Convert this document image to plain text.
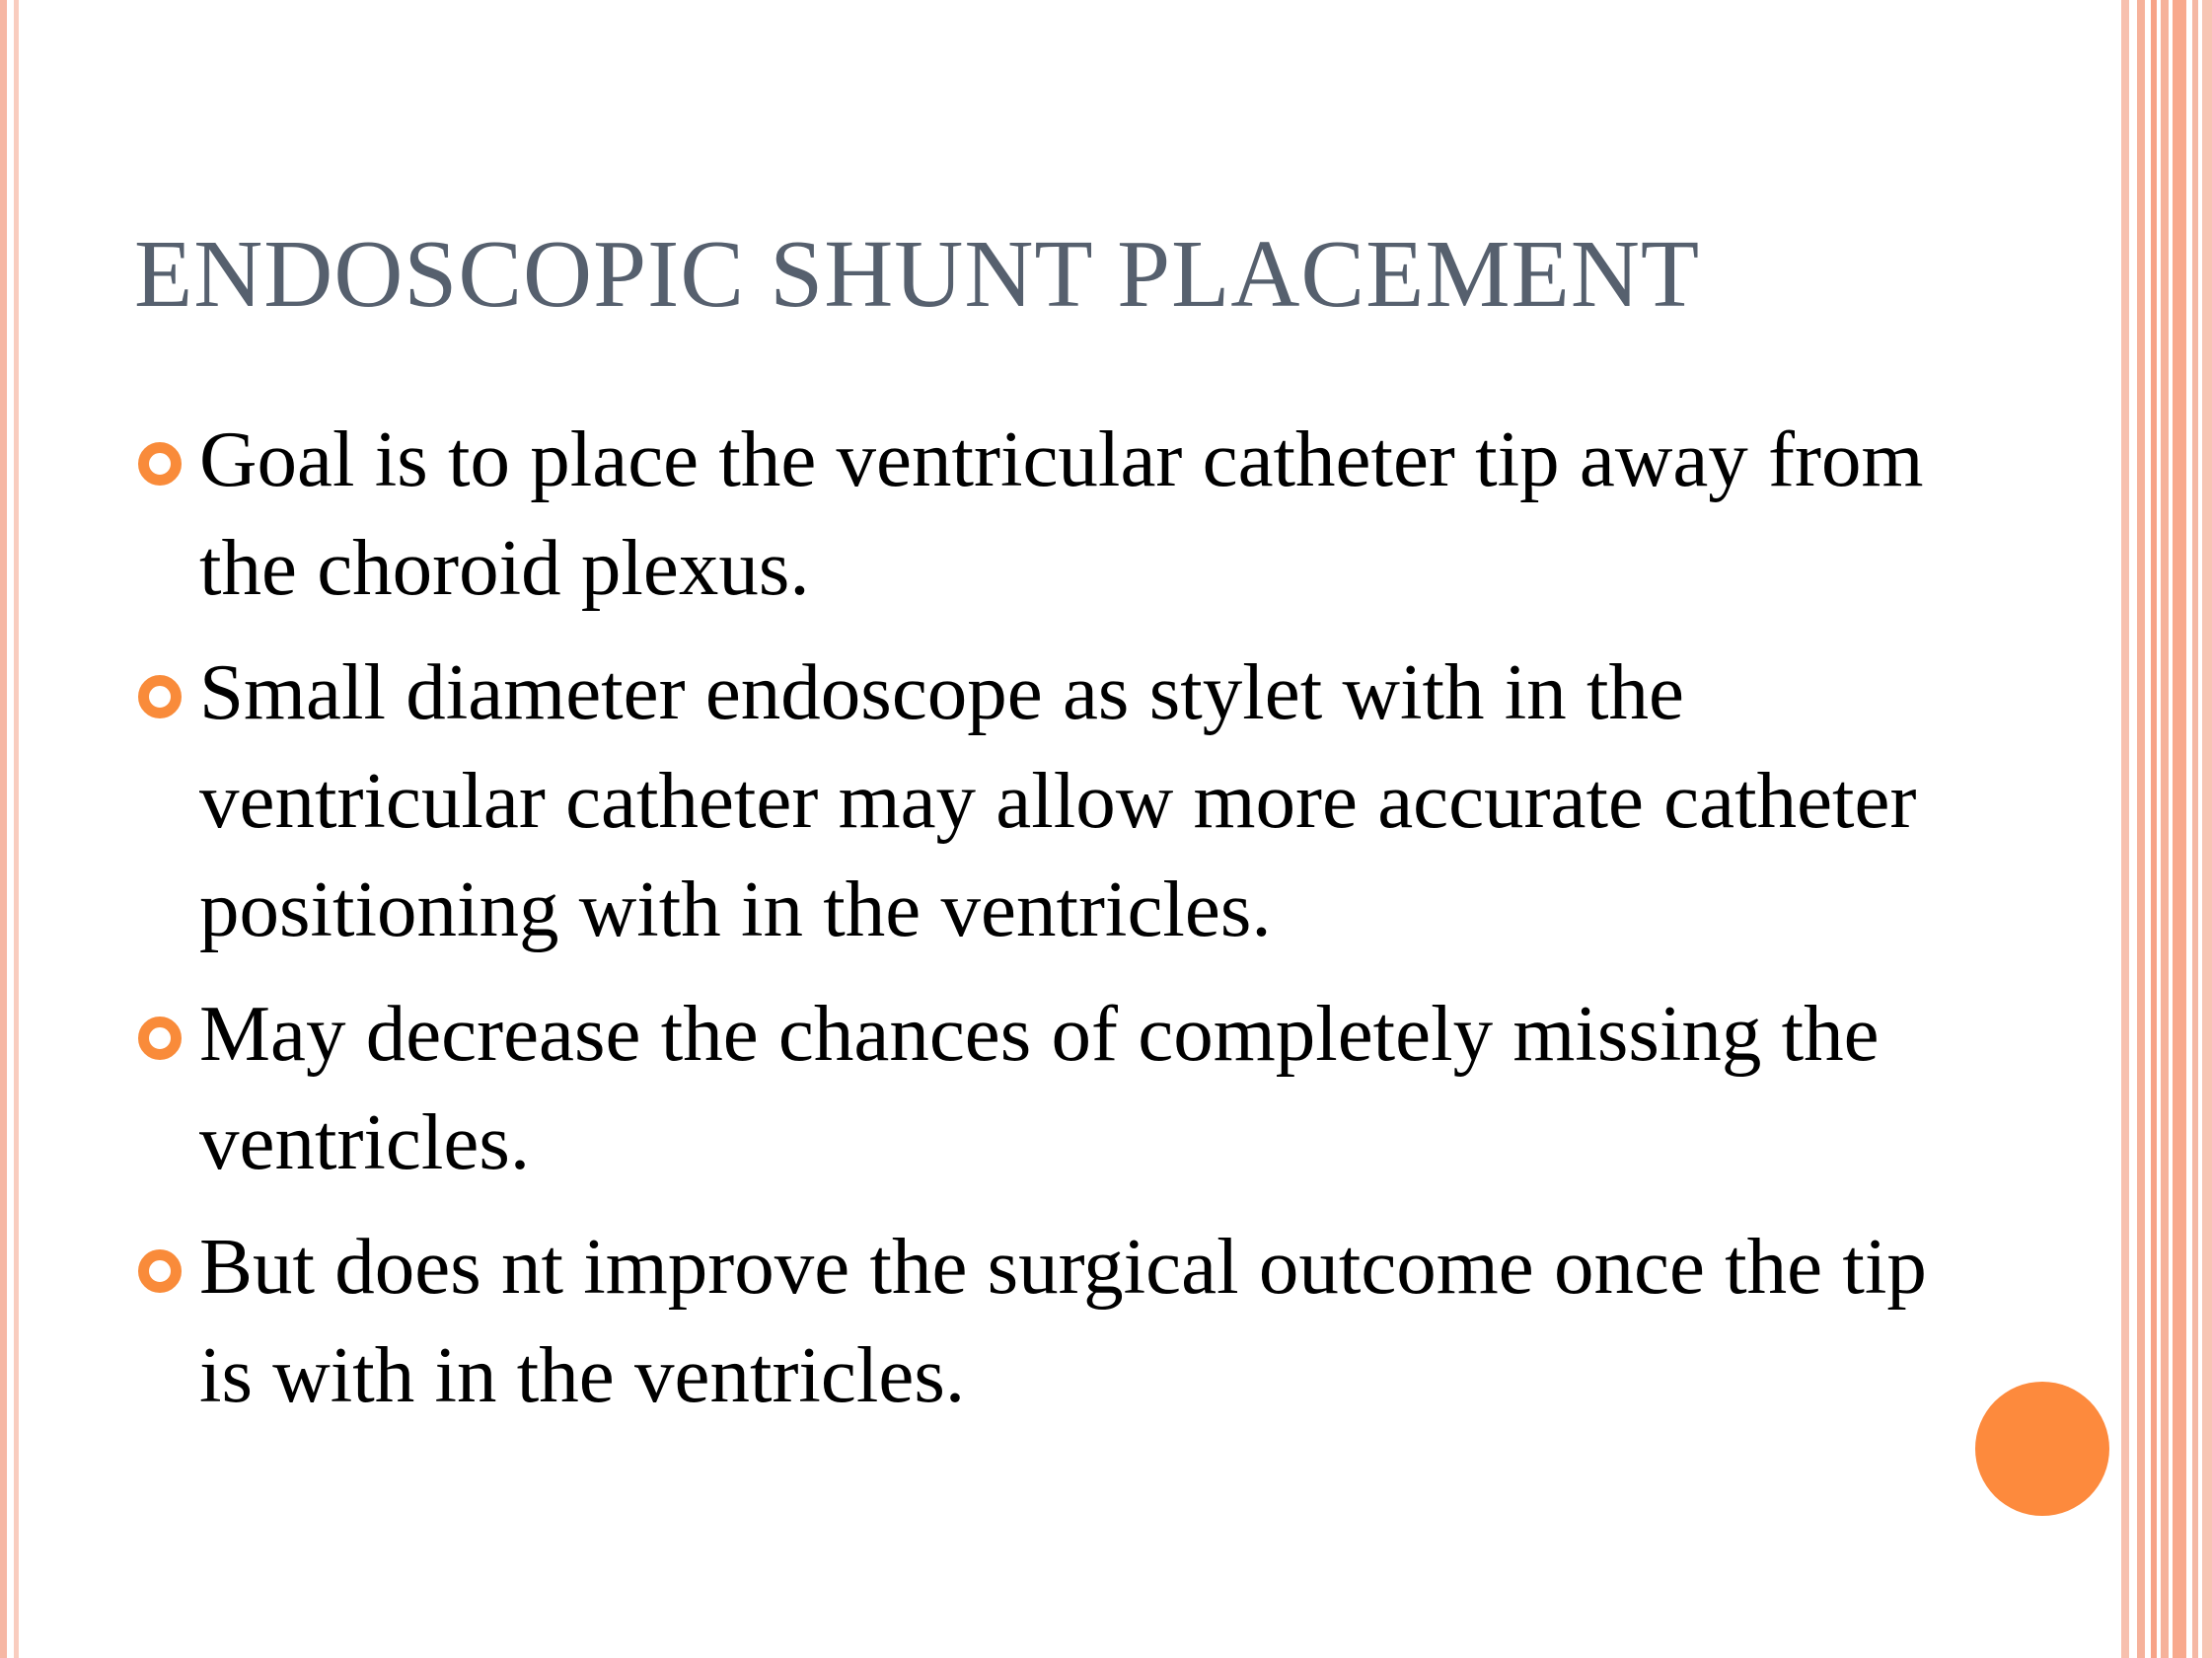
ENDOSCOPIC SHUNT PLACEMENT
Goal is to place the ventricular catheter tip away from the choroid plexus.
Small diameter endoscope as stylet with in the ventricular catheter may allow more accurate catheter positioning with in the ventricles.
May decrease the chances of completely missing the ventricles.
But does nt improve the surgical outcome once the tip is with in the ventricles.
